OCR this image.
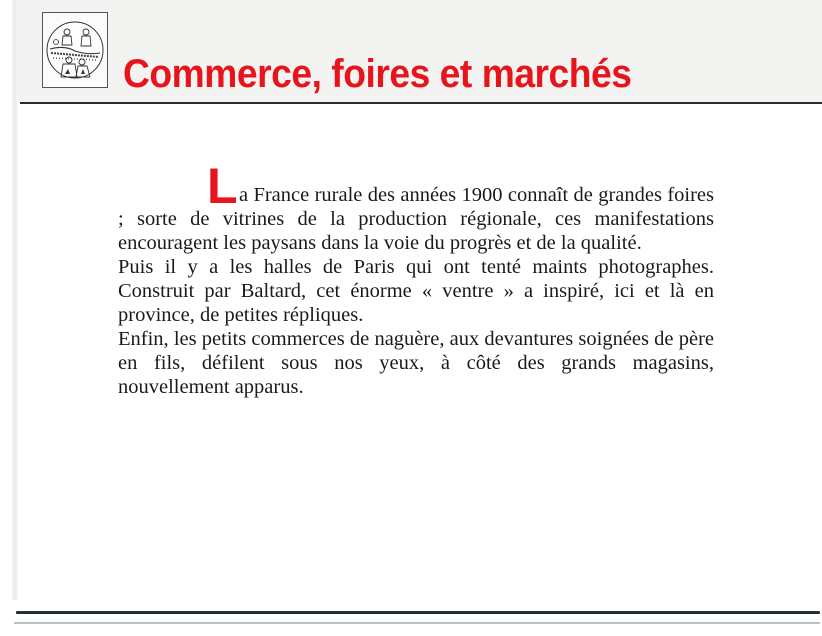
Commerce, foires et marchés
L a France rurale des années 1900 connaît de grandes foires ; sorte de vitrines de la production régionale, ces manifestations encouragent les paysans dans la voie du progrès et de la qualité.

Puis il y a les halles de Paris qui ont tenté maints photographes. Construit par Baltard, cet énorme « ventre » a inspiré, ici et là en province, de petites répliques.

Enfin, les petits commerces de naguère, aux devantures soignées de père en fils, défilent sous nos yeux, à côté des grands magasins, nouvellement apparus.
